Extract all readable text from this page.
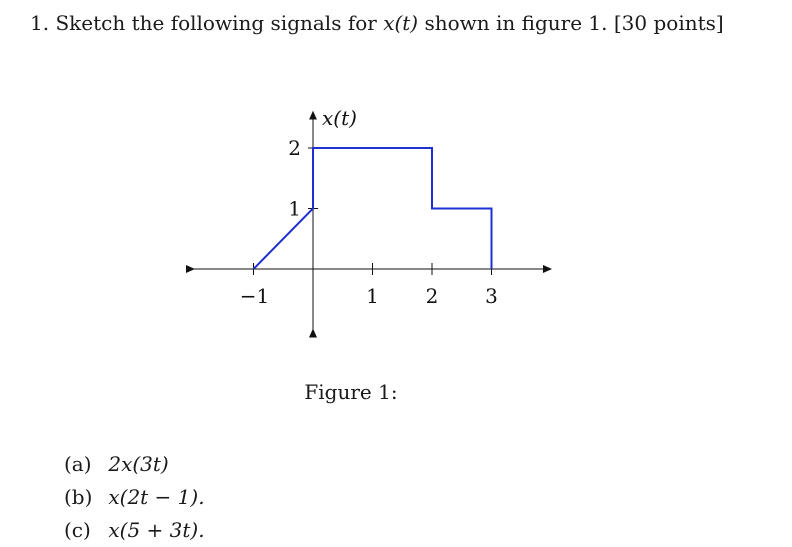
1. Sketch the following signals for x(t) shown in figure 1. [30 points]
−1	1 2 3
1
2
x(t)
Figure 1:
(a) 2x(3t)
(b) x(2t − 1).
(c) x(5 + 3t).
